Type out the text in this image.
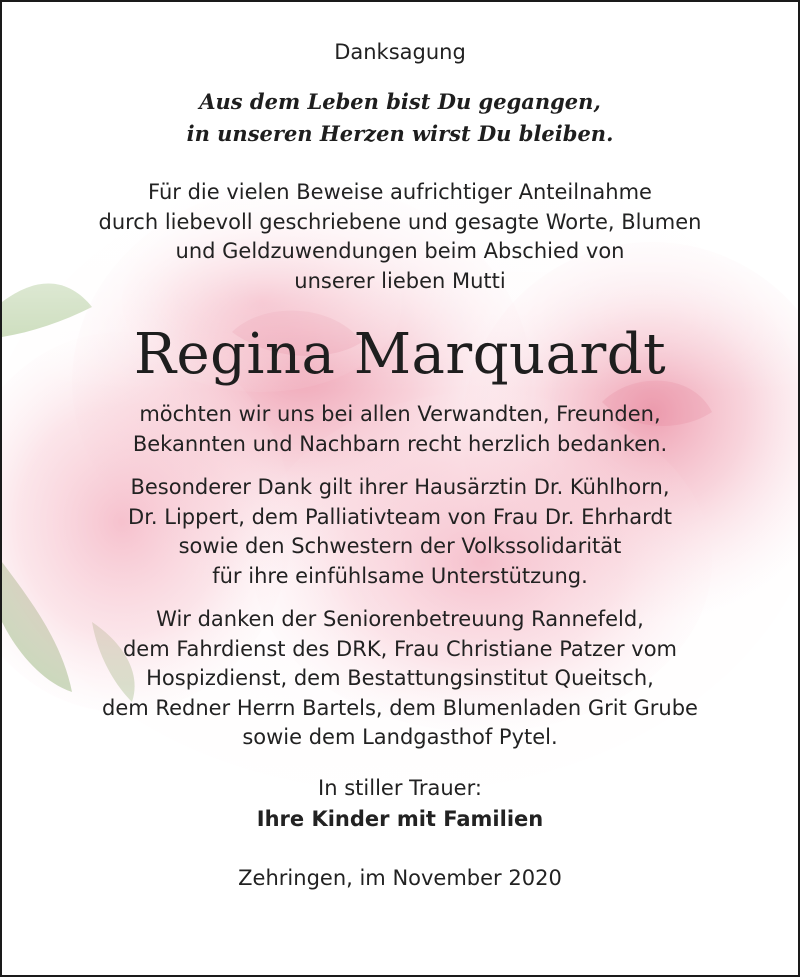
Danksagung

Aus dem Leben bist Du gegangen,

in unseren Herzen wirst Du bleiben.

Für die vielen Beweise aufrichtiger Anteilnahme

durch liebevoll geschriebene und gesagte Worte, Blumen

und Geldzuwendungen beim Abschied von

unserer lieben Mutti

Regina Marquardt

möchten wir uns bei allen Verwandten, Freunden,

Bekannten und Nachbarn recht herzlich bedanken.

Besonderer Dank gilt ihrer Hausärztin Dr. Kühlhorn,

Dr. Lippert, dem Palliativteam von Frau Dr. Ehrhardt

sowie den Schwestern der Volkssolidarität

für ihre einfühlsame Unterstützung.

Wir danken der Seniorenbetreuung Rannefeld,

dem Fahrdienst des DRK, Frau Christiane Patzer vom

Hospizdienst, dem Bestattungsinstitut Queitsch,

dem Redner Herrn Bartels, dem Blumenladen Grit Grube

sowie dem Landgasthof Pytel.

In stiller Trauer:

Ihre Kinder mit Familien

Zehringen, im November 2020
